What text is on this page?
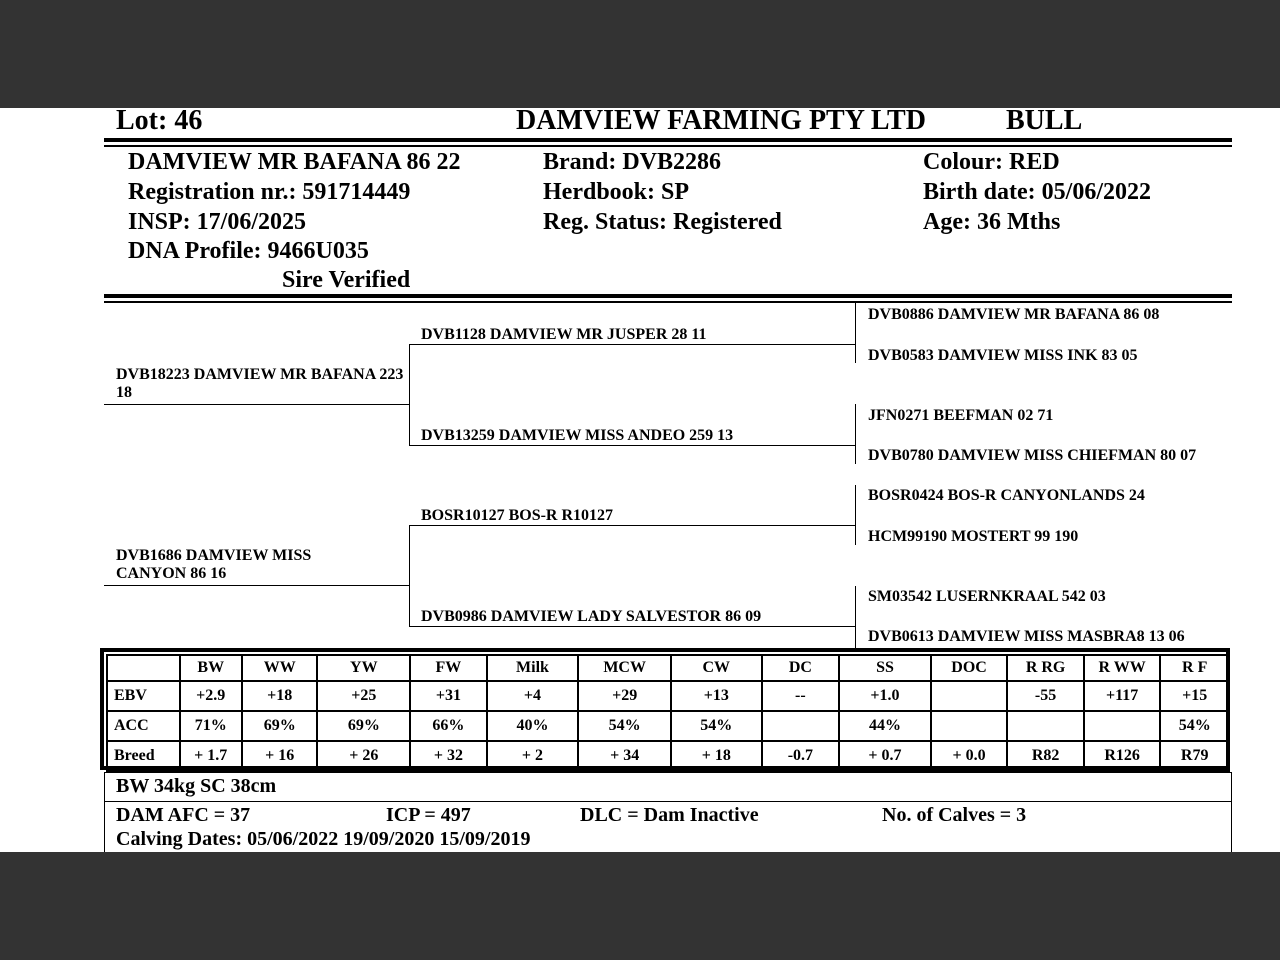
Lot: 46	DAMVIEW FARMING PTY LTD	BULL
DAMVIEW MR BAFANA 86 22
Registration nr.: 591714449
INSP: 17/06/2025
DNA Profile: 9466U035
Sire Verified
Brand: DVB2286
Herdbook: SP
Reg. Status: Registered
Colour: RED
Birth date: 05/06/2022
Age: 36 Mths
DVB18223 DAMVIEW MR BAFANA 223 18
DVB1686 DAMVIEW MISS CANYON 86 16
DVB1128 DAMVIEW MR JUSPER 28 11
DVB13259 DAMVIEW MISS ANDEO 259 13
BOSR10127 BOS-R R10127
DVB0986 DAMVIEW LADY SALVESTOR 86 09
DVB0886 DAMVIEW MR BAFANA 86 08
DVB0583 DAMVIEW MISS INK 83 05
JFN0271 BEEFMAN 02 71
DVB0780 DAMVIEW MISS CHIEFMAN 80 07
BOSR0424 BOS-R CANYONLANDS 24
HCM99190 MOSTERT 99 190
SM03542 LUSERNKRAAL 542 03
DVB0613 DAMVIEW MISS MASBRA8 13 06
	BW	WW	YW	FW	Milk	MCW	CW	DC	SS	DOC	R RG	R WW	R F
EBV	+2.9	+18	+25	+31	+4	+29	+13	--	+1.0		-55	+117	+15
ACC	71%	69%	69%	66%	40%	54%	54%		44%				54%
Breed	+ 1.7	+ 16	+ 26	+ 32	+ 2	+ 34	+ 18	-0.7	+ 0.7	+ 0.0	R82	R126	R79
BW 34kg SC 38cm
DAM AFC = 37	ICP = 497	DLC = Dam Inactive	No. of Calves = 3
Calving Dates: 05/06/2022 19/09/2020 15/09/2019
